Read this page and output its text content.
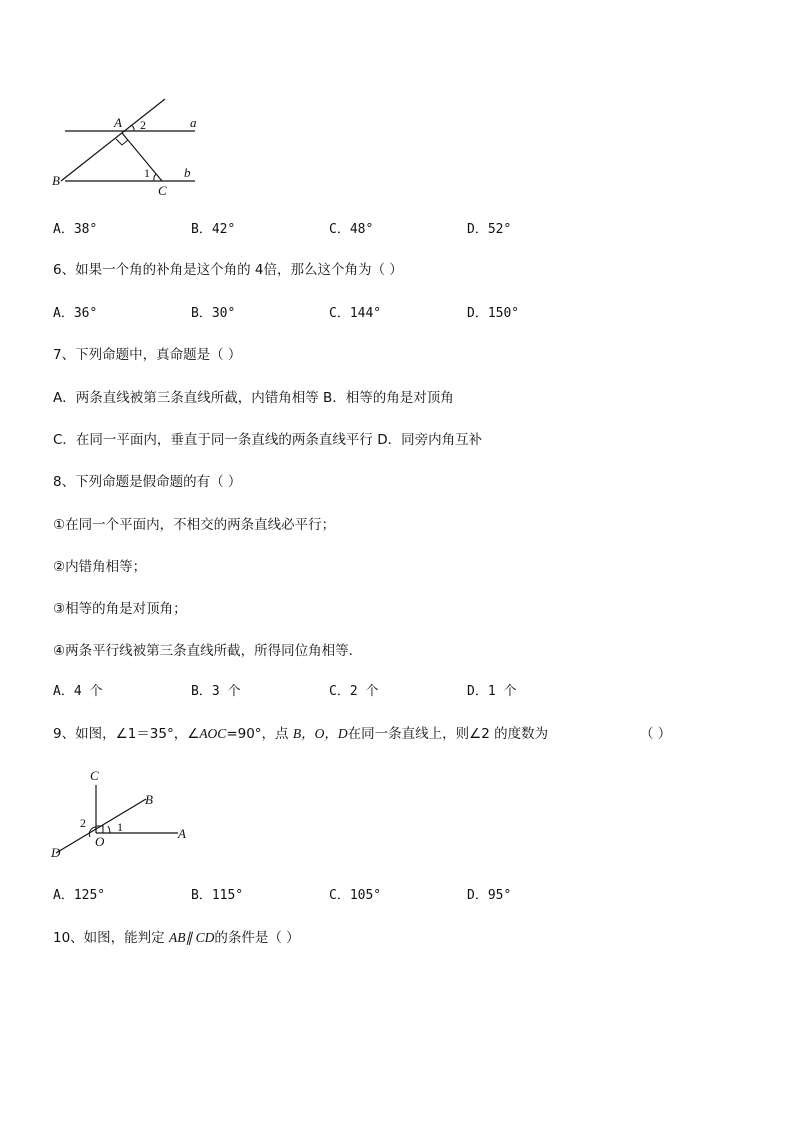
A 2	a
B	1
C
b
A．38°	B．42°	C．48°	D．52°
6、如果一个角的补角是这个角的 4倍，那么这个角为（ ）
A．36°	B．30°	C．144°	D．150°
7、下列命题中，真命题是（ ）
A．两条直线被第三条直线所截，内错角相等 B．相等的角是对顶角
C．在同一平面内，垂直于同一条直线的两条直线平行 D．同旁内角互补
8、下列命题是假命题的有（ ）
①在同一个平面内，不相交的两条直线必平行；
②内错角相等；
③相等的角是对顶角；
④两条平行线被第三条直线所截，所得同位角相等．
A．4 个	B．3 个	C．2 个	D．1 个
9、如图，∠1＝35°，∠AOC=90°，点 B，O，D在同一条直线上，则∠2 的度数为	（ ）
C
B
2	1	A
O
D
A．125°	B．115°	C．105°	D．95°
10、如图，能判定 AB∥ CD的条件是（ ）
